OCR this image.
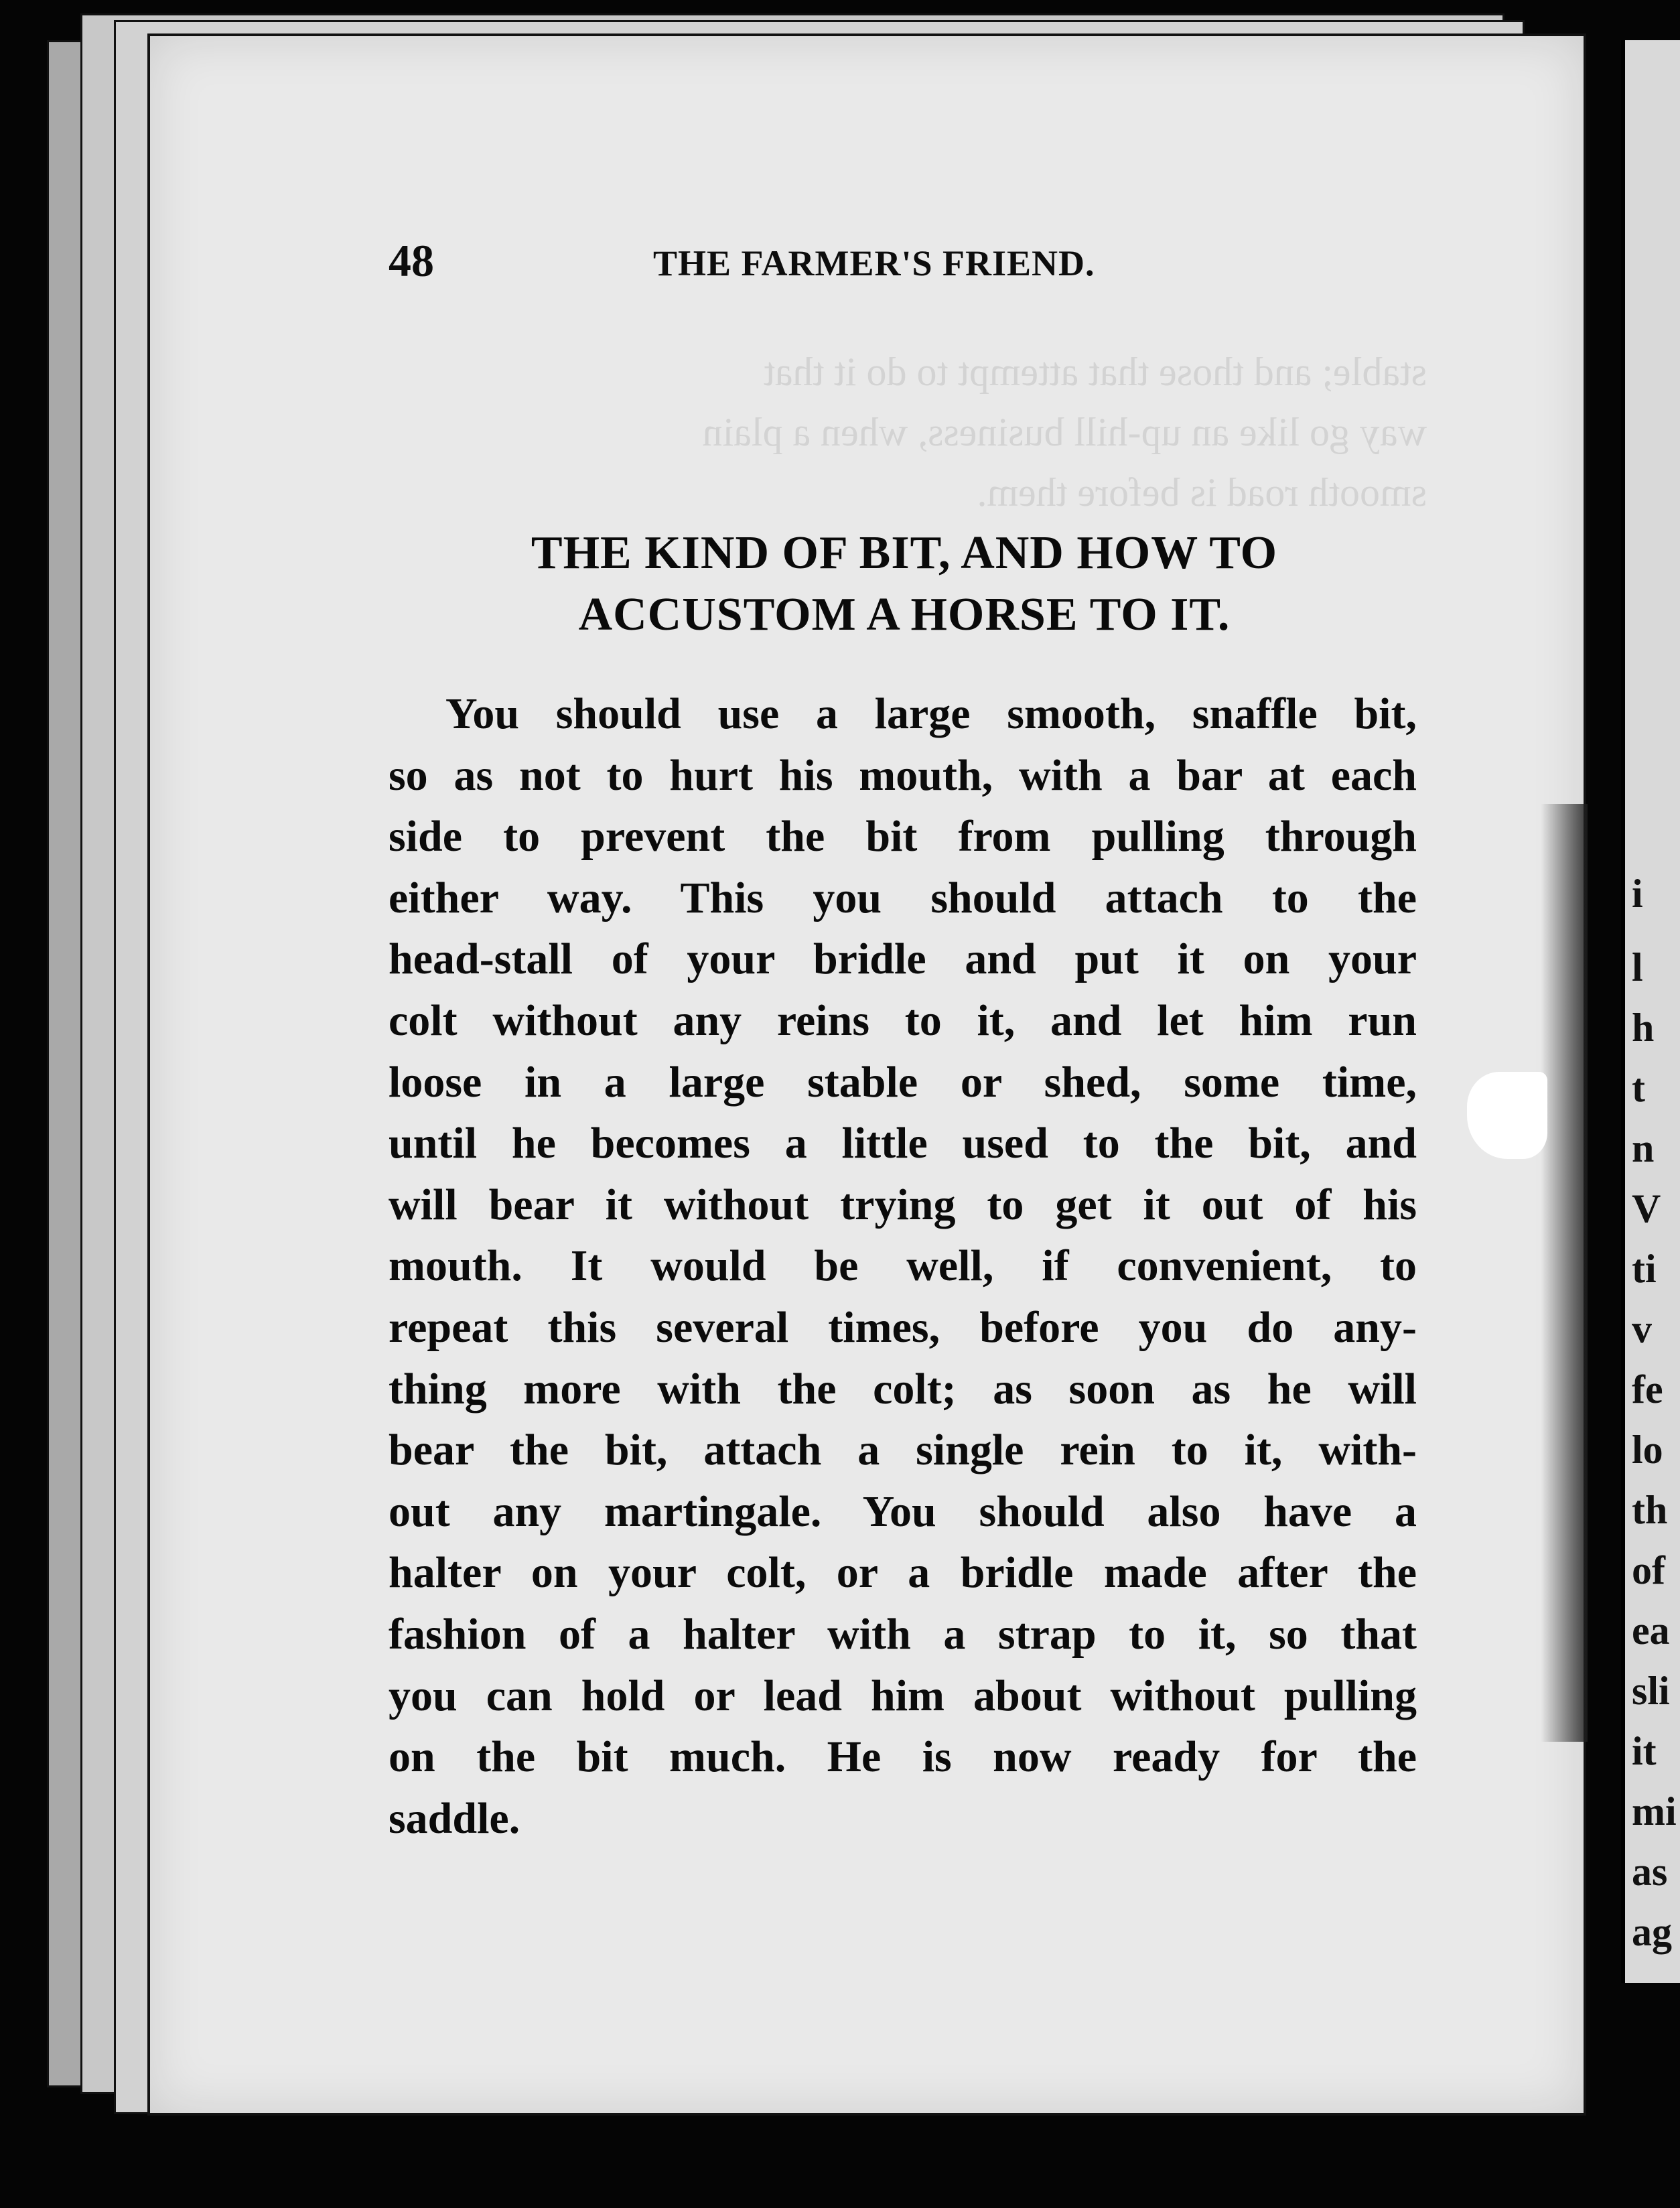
i
l
h
t
n
V
ti
v
fe
lo
th
of
ea
sli
it
mi
as
ag
stable; and those that attempt to do it that
way go like an up-hill business, when a plain
smooth road is before them.
48	THE FARMER'S FRIEND.
THE KIND OF BIT, AND HOW TO
ACCUSTOM A HORSE TO IT.
You should use a large smooth, snaffle bit,
so as not to hurt his mouth, with a bar at each
side to prevent the bit from pulling through
either way. This you should attach to the
head-stall of your bridle and put it on your
colt without any reins to it, and let him run
loose in a large stable or shed, some time,
until he becomes a little used to the bit, and
will bear it without trying to get it out of his
mouth. It would be well, if convenient, to
repeat this several times, before you do any-
thing more with the colt; as soon as he will
bear the bit, attach a single rein to it, with-
out any martingale. You should also have a
halter on your colt, or a bridle made after the
fashion of a halter with a strap to it, so that
you can hold or lead him about without pulling
on the bit much. He is now ready for the
saddle.
